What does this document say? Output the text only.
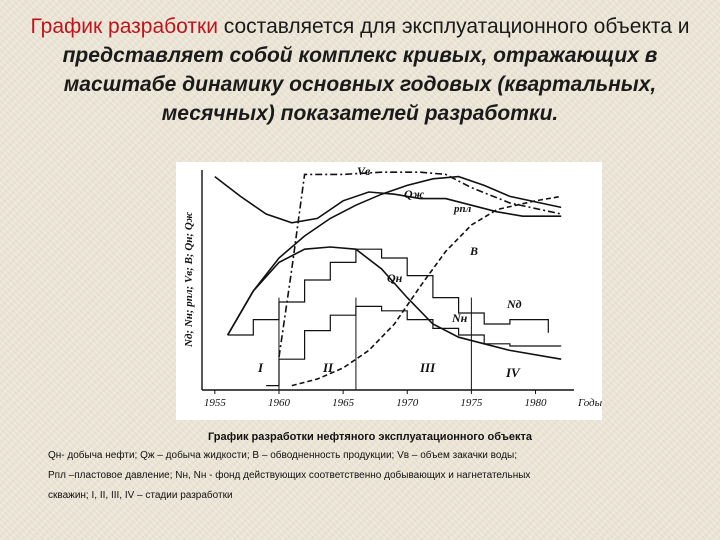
График разработки составляется для эксплуатационного объекта и представляет собой комплекс кривых, отражающих в масштабе динамику основных годовых (квартальных, месячных) показателей разработки.
Nд; Nн; pпл; Vв; B; Qн; Qж
Годы
1955	1960	1965	1970	1975	1980
Vв
Qж
pпл
B
Qн
Nд
Nн
I	II	III	IV
График разработки нефтяного эксплуатационного объекта
Qн- добыча нефти; Qж – добыча жидкости; В – обводненность продукции; Vв – объем закачки воды;
Рпл –пластовое давление; Nн, Nн - фонд действующих соответственно добывающих и нагнетательных
скважин; I, II, III, IV – стадии разработки
